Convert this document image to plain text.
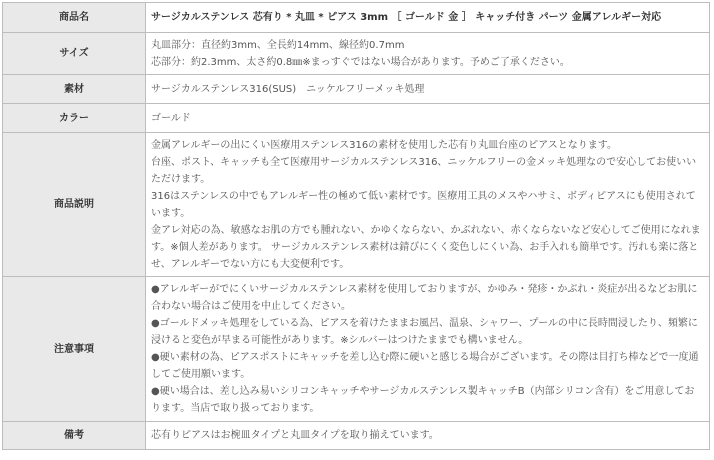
商品名	サージカルステンレス 芯有り * 丸皿 * ピアス 3mm ［ ゴールド 金 ］ キャッチ付き パーツ 金属アレルギー対応

サイズ	丸皿部分：直径約3mm、全長約14mm、線径約0.7mm
芯部分：約2.3mm、太さ約0.8㎜※まっすぐではない場合があります。予めご了承ください。

素材	サージカルステンレス316(SUS)　ニッケルフリーメッキ処理

カラー	ゴールド

商品説明	金属アレルギーの出にくい医療用ステンレス316の素材を使用した芯有り丸皿台座のピアスとなります。
台座、ポスト、キャッチも全て医療用サージカルステンレス316、ニッケルフリーの金メッキ処理なので安心してお使いいただけます。
316はステンレスの中でもアレルギー性の極めて低い素材です。医療用工具のメスやハサミ、ボディピアスにも使用されています。
金アレ対応の為、敏感なお肌の方でも腫れない、かゆくならない、かぶれない、赤くならないなど安心してご使用になれます。※個人差があります。 サージカルステンレス素材は錆びにくく変色しにくい為、お手入れも簡単です。汚れも楽に落とせ、アレルギーでない方にも大変便利です。

注意事項	●アレルギーがでにくいサージカルステンレス素材を使用しておりますが、かゆみ・発疹・かぶれ・炎症が出るなどお肌に合わない場合はご使用を中止してください。
●ゴールドメッキ処理をしている為、ピアスを着けたままお風呂、温泉、シャワー、プールの中に長時間浸したり、頻繁に浸けると変色が早まる可能性があります。※シルバーはつけたままでも構いません。
●硬い素材の為、ピアスポストにキャッチを差し込む際に硬いと感じる場合がございます。その際は目打ち棒などで一度通してご使用願います。
●硬い場合は、差し込み易いシリコンキャッチやサージカルステンレス製キャッチB（内部シリコン含有）をご用意しております。当店で取り扱っております。

備考	芯有りピアスはお椀皿タイプと丸皿タイプを取り揃えています。
